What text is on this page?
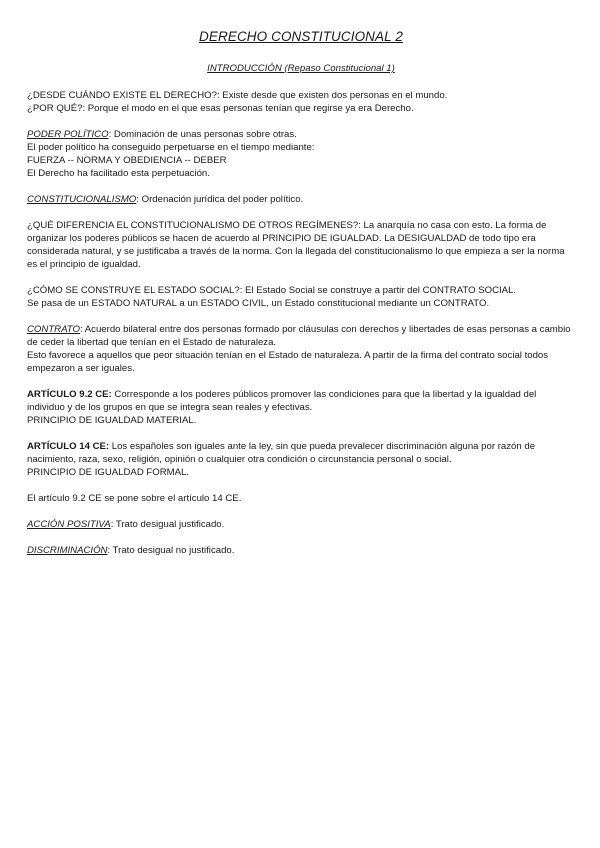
DERECHO CONSTITUCIONAL 2
INTRODUCCIÓN (Repaso Constitucional 1)

¿DESDE CUÁNDO EXISTE EL DERECHO?: Existe desde que existen dos personas en el mundo.

¿POR QUÉ?: Porque el modo en el que esas personas tenían que regirse ya era Derecho.

PODER POLÍTICO: Dominación de unas personas sobre otras.

El poder político ha conseguido perpetuarse en el tiempo mediante:

FUERZA -- NORMA Y OBEDIENCIA -- DEBER

El Derecho ha facilitado esta perpetuación.

CONSTITUCIONALISMO: Ordenación jurídica del poder político.

¿QUÉ DIFERENCIA EL CONSTITUCIONALISMO DE OTROS REGÍMENES?: La anarquía no casa con esto. La forma de organizar los poderes públicos se hacen de acuerdo al PRINCIPIO DE IGUALDAD. La DESIGUALDAD de todo tipo era considerada natural, y se justificaba a través de la norma. Con la llegada del constitucionalismo lo que empieza a ser la norma es el principio de igualdad.

¿CÓMO SE CONSTRUYE EL ESTADO SOCIAL?: El Estado Social se construye a partir del CONTRATO SOCIAL.

Se pasa de un ESTADO NATURAL a un ESTADO CIVIL, un Estado constitucional mediante un CONTRATO.

CONTRATO: Acuerdo bilateral entre dos personas formado por cláusulas con derechos y libertades de esas personas a cambio de ceder la libertad que tenían en el Estado de naturaleza.

Esto favorece a aquellos que peor situación tenían en el Estado de naturaleza. A partir de la firma del contrato social todos empezaron a ser iguales.

ARTÍCULO 9.2 CE: Corresponde a los poderes públicos promover las condiciones para que la libertad y la igualdad del individuo y de los grupos en que se integra sean reales y efectivas.

PRINCIPIO DE IGUALDAD MATERIAL.

ARTÍCULO 14 CE: Los españoles son iguales ante la ley, sin que pueda prevalecer discriminación alguna por razón de nacimiento, raza, sexo, religión, opinión o cualquier otra condición o circunstancia personal o social.

PRINCIPIO DE IGUALDAD FORMAL.

El artículo 9.2 CE se pone sobre el artículo 14 CE.

ACCIÓN POSITIVA: Trato desigual justificado.

DISCRIMINACIÓN: Trato desigual no justificado.
